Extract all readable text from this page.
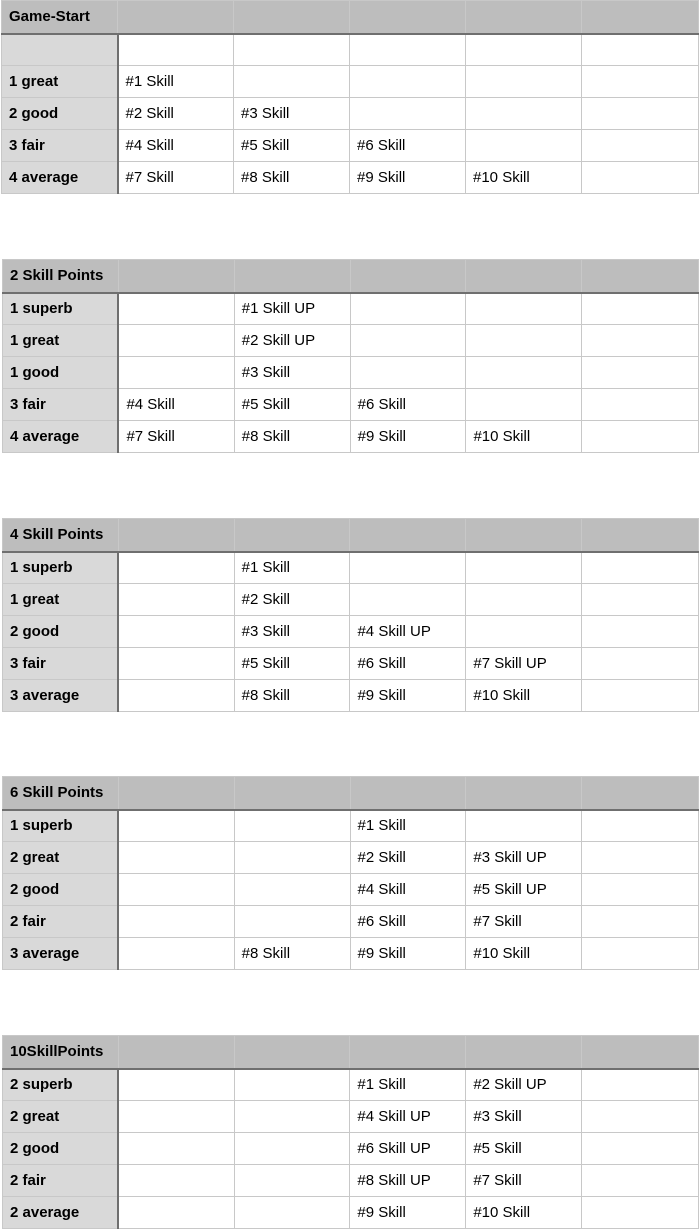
Game-Start					

1 great	#1 Skill				
2 good	#2 Skill	#3 Skill			
3 fair	#4 Skill	#5 Skill	#6 Skill		
4 average	#7 Skill	#8 Skill	#9 Skill	#10 Skill	
2 Skill Points					
1 superb		#1 Skill UP			
1 great		#2 Skill UP			
1 good		#3 Skill			
3 fair	#4 Skill	#5 Skill	#6 Skill		
4 average	#7 Skill	#8 Skill	#9 Skill	#10 Skill	
4 Skill Points					
1 superb		#1 Skill			
1 great		#2 Skill			
2 good		#3 Skill	#4 Skill UP		
3 fair		#5 Skill	#6 Skill	#7 Skill UP	
3 average		#8 Skill	#9 Skill	#10 Skill	
6 Skill Points					
1 superb			#1 Skill		
2 great			#2 Skill	#3 Skill UP	
2 good			#4 Skill	#5 Skill UP	
2 fair			#6 Skill	#7 Skill	
3 average		#8 Skill	#9 Skill	#10 Skill	
10SkillPoints					
2 superb			#1 Skill	#2 Skill UP	
2 great			#4 Skill UP	#3 Skill	
2 good			#6 Skill UP	#5 Skill	
2 fair			#8 Skill UP	#7 Skill	
2 average			#9 Skill	#10 Skill	
